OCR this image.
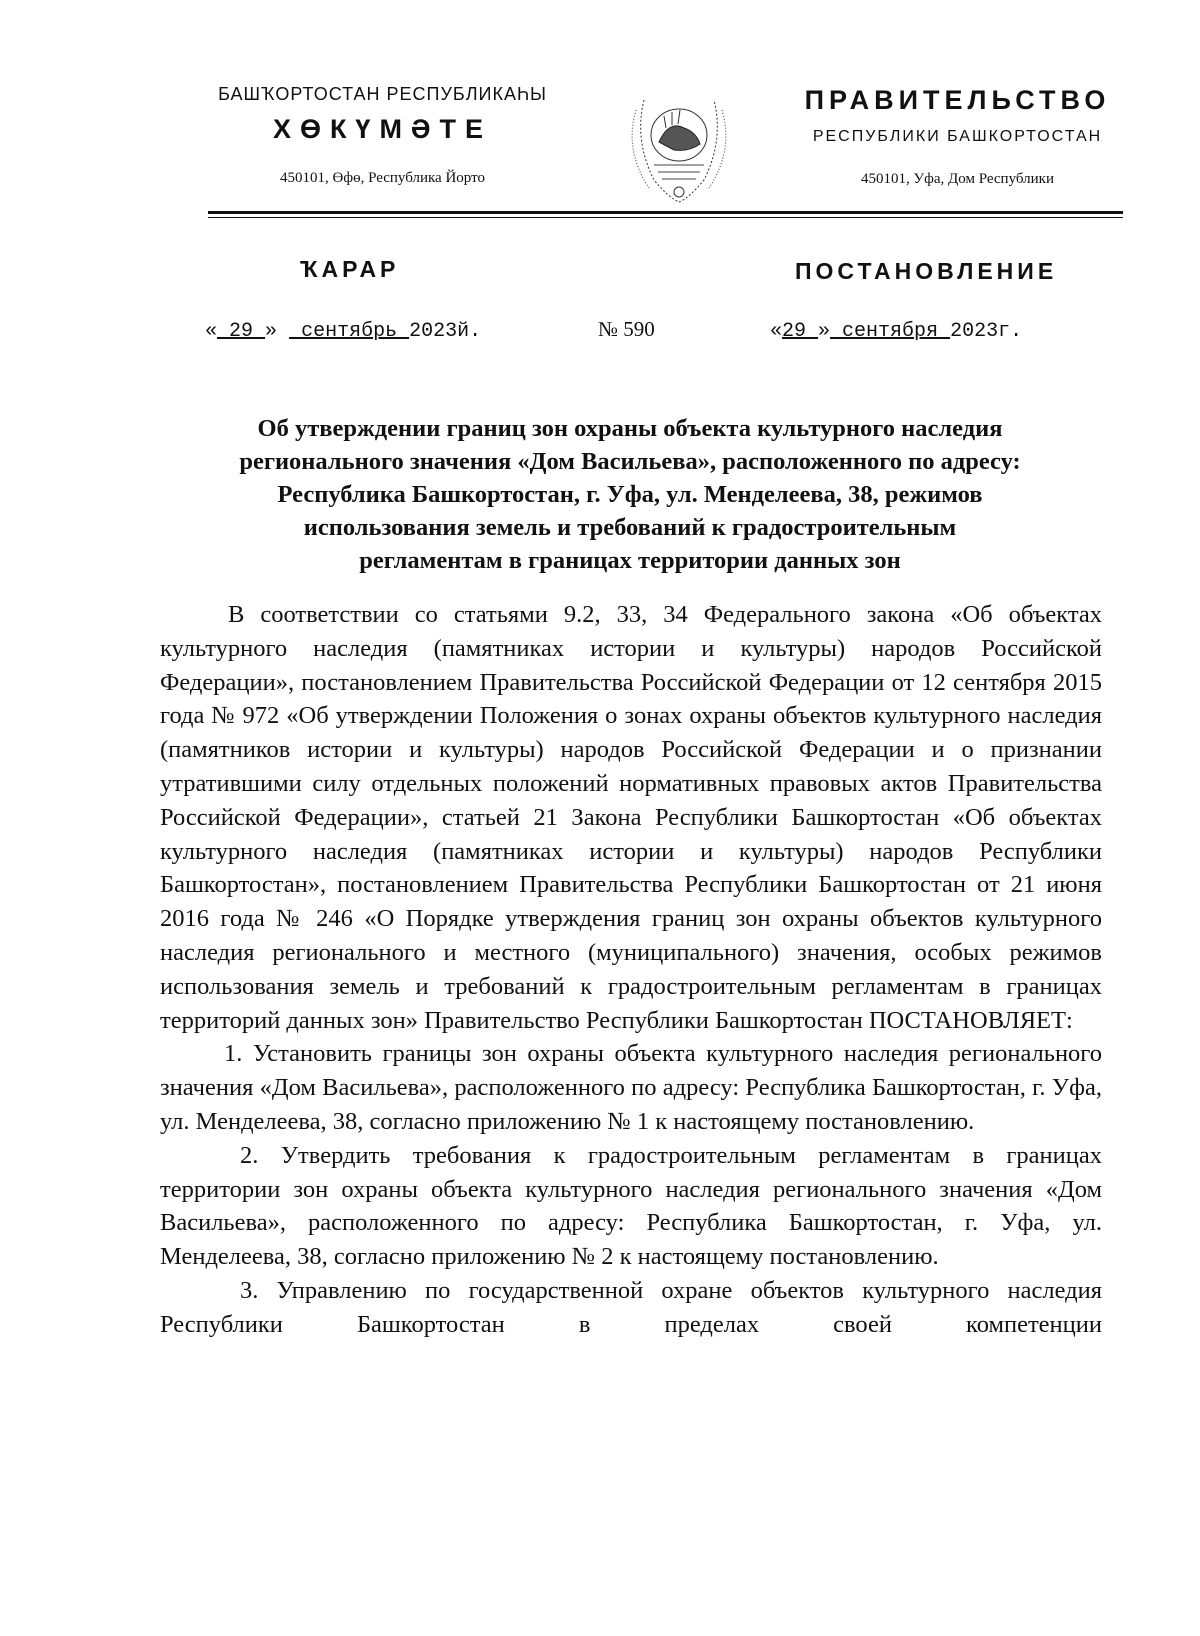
БАШҠОРТОСТАН РЕСПУБЛИКАҺЫ
ХӨКҮМӘТЕ
450101, Өфө, Республика Йорто
ПРАВИТЕЛЬСТВО
РЕСПУБЛИКИ БАШКОРТОСТАН
450101, Уфа, Дом Республики
ҠАРАР	ПОСТАНОВЛЕНИЕ
« 29 »  сентябрь 2023й.	№ 590	«29 » сентября 2023г.
Об утверждении границ зон охраны объекта культурного наследия
регионального значения «Дом Васильева», расположенного по адресу:
Республика Башкортостан, г. Уфа, ул. Менделеева, 38, режимов
использования земель и требований к градостроительным
регламентам в границах территории данных зон

В соответствии со статьями 9.2, 33, 34 Федерального закона «Об объектах культурного наследия (памятниках истории и культуры) народов Российской Федерации», постановлением Правительства Российской Федерации от 12 сентября 2015 года № 972 «Об утверждении Положения о зонах охраны объектов культурного наследия (памятников истории и культуры) народов Российской Федерации и о признании утратившими силу отдельных положений нормативных правовых актов Правительства Российской Федерации», статьей 21 Закона Республики Башкортостан «Об объектах культурного наследия (памятниках истории и культуры) народов Республики Башкортостан», постановлением Правительства Республики Башкортостан от 21 июня 2016 года № 246 «О Порядке утверждения границ зон охраны объектов культурного наследия регионального и местного (муниципального) значения, особых режимов использования земель и требований к градостроительным регламентам в границах территорий данных зон» Правительство Республики Башкортостан ПОСТАНОВЛЯЕТ:

1. Установить границы зон охраны объекта культурного наследия регионального значения «Дом Васильева», расположенного по адресу: Республика Башкортостан, г. Уфа, ул. Менделеева, 38, согласно приложению № 1 к настоящему постановлению.

2. Утвердить требования к градостроительным регламентам в границах территории зон охраны объекта культурного наследия регионального значения «Дом Васильева», расположенного по адресу: Республика Башкортостан, г. Уфа, ул. Менделеева, 38, согласно приложению № 2 к настоящему постановлению.

3. Управлению по государственной охране объектов культурного наследия Республики Башкортостан в пределах своей компетенции
